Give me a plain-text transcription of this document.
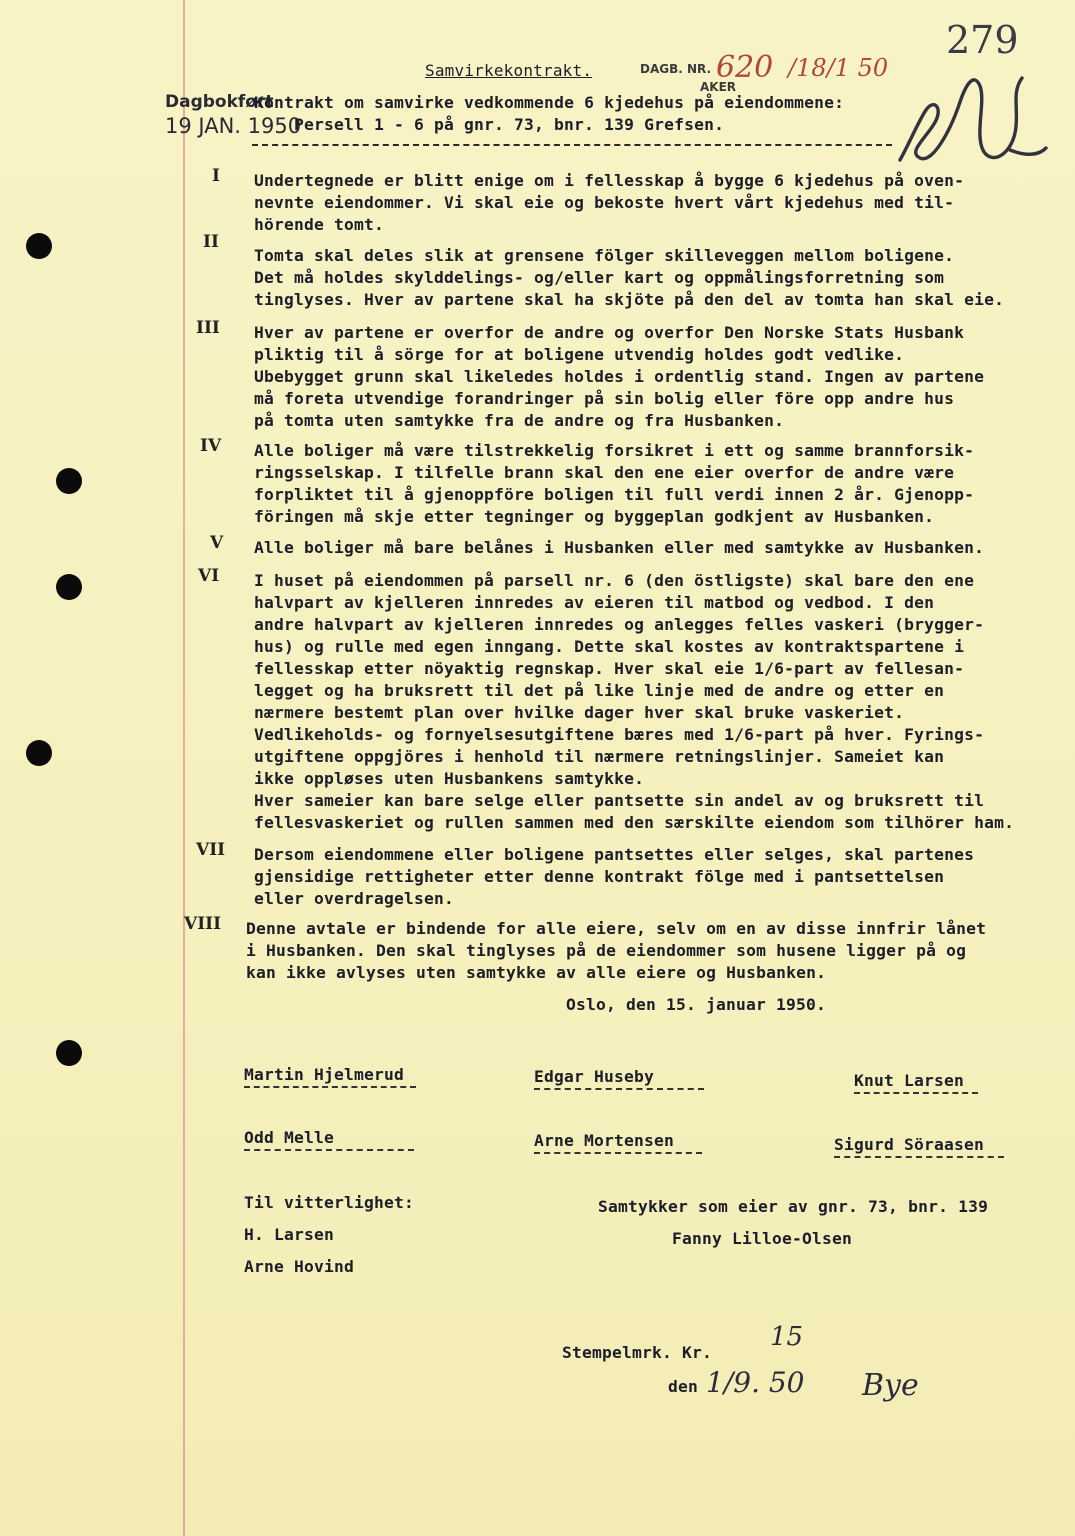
Samvirkekontrakt.	DAGB. NR. 620 /18/1 50
AKER
279
Dagbokført
19 JAN. 1950
Kontrakt om samvirke vedkommende 6 kjedehus på eiendommene:
Persell 1 - 6 på gnr. 73, bnr. 139 Grefsen.
I Undertegnede er blitt enige om i fellesskap å bygge 6 kjedehus på oven-
nevnte eiendommer. Vi skal eie og bekoste hvert vårt kjedehus med til-
hörende tomt.
II
Tomta skal deles slik at grensene fölger skilleveggen mellom boligene.
Det må holdes skylddelings- og/eller kart og oppmålingsforretning som
tinglyses. Hver av partene skal ha skjöte på den del av tomta han skal eie.
III Hver av partene er overfor de andre og overfor Den Norske Stats Husbank
pliktig til å sörge for at boligene utvendig holdes godt vedlike.
Ubebygget grunn skal likeledes holdes i ordentlig stand. Ingen av partene
må foreta utvendige forandringer på sin bolig eller före opp andre hus
på tomta uten samtykke fra de andre og fra Husbanken.
IV Alle boliger må være tilstrekkelig forsikret i ett og samme brannforsik-
ringsselskap. I tilfelle brann skal den ene eier overfor de andre være
forpliktet til å gjenoppföre boligen til full verdi innen 2 år. Gjenopp-
föringen må skje etter tegninger og byggeplan godkjent av Husbanken.
V Alle boliger må bare belånes i Husbanken eller med samtykke av Husbanken.
VI I huset på eiendommen på parsell nr. 6 (den östligste) skal bare den ene
halvpart av kjelleren innredes av eieren til matbod og vedbod. I den
andre halvpart av kjelleren innredes og anlegges felles vaskeri (brygger-
hus) og rulle med egen inngang. Dette skal kostes av kontraktspartene i
fellesskap etter nöyaktig regnskap. Hver skal eie 1/6-part av fellesan-
legget og ha bruksrett til det på like linje med de andre og etter en
nærmere bestemt plan over hvilke dager hver skal bruke vaskeriet.
Vedlikeholds- og fornyelsesutgiftene bæres med 1/6-part på hver. Fyrings-
utgiftene oppgjöres i henhold til nærmere retningslinjer. Sameiet kan
ikke oppløses uten Husbankens samtykke.
Hver sameier kan bare selge eller pantsette sin andel av og bruksrett til
fellesvaskeriet og rullen sammen med den særskilte eiendom som tilhörer ham.
VII Dersom eiendommene eller boligene pantsettes eller selges, skal partenes
gjensidige rettigheter etter denne kontrakt fölge med i pantsettelsen
eller overdragelsen.
VIII Denne avtale er bindende for alle eiere, selv om en av disse innfrir lånet
i Husbanken. Den skal tinglyses på de eiendommer som husene ligger på og
kan ikke avlyses uten samtykke av alle eiere og Husbanken.
Oslo, den 15. januar 1950.
Martin Hjelmerud	Edgar Huseby	Knut Larsen
Odd Melle	Arne Mortensen	Sigurd Söraasen
Til vitterlighet:
H. Larsen
Arne Hovind
Samtykker som eier av gnr. 73, bnr. 139
Fanny Lilloe-Olsen
Stempelmrk. Kr.
15
den 1/9. 50 Bye
